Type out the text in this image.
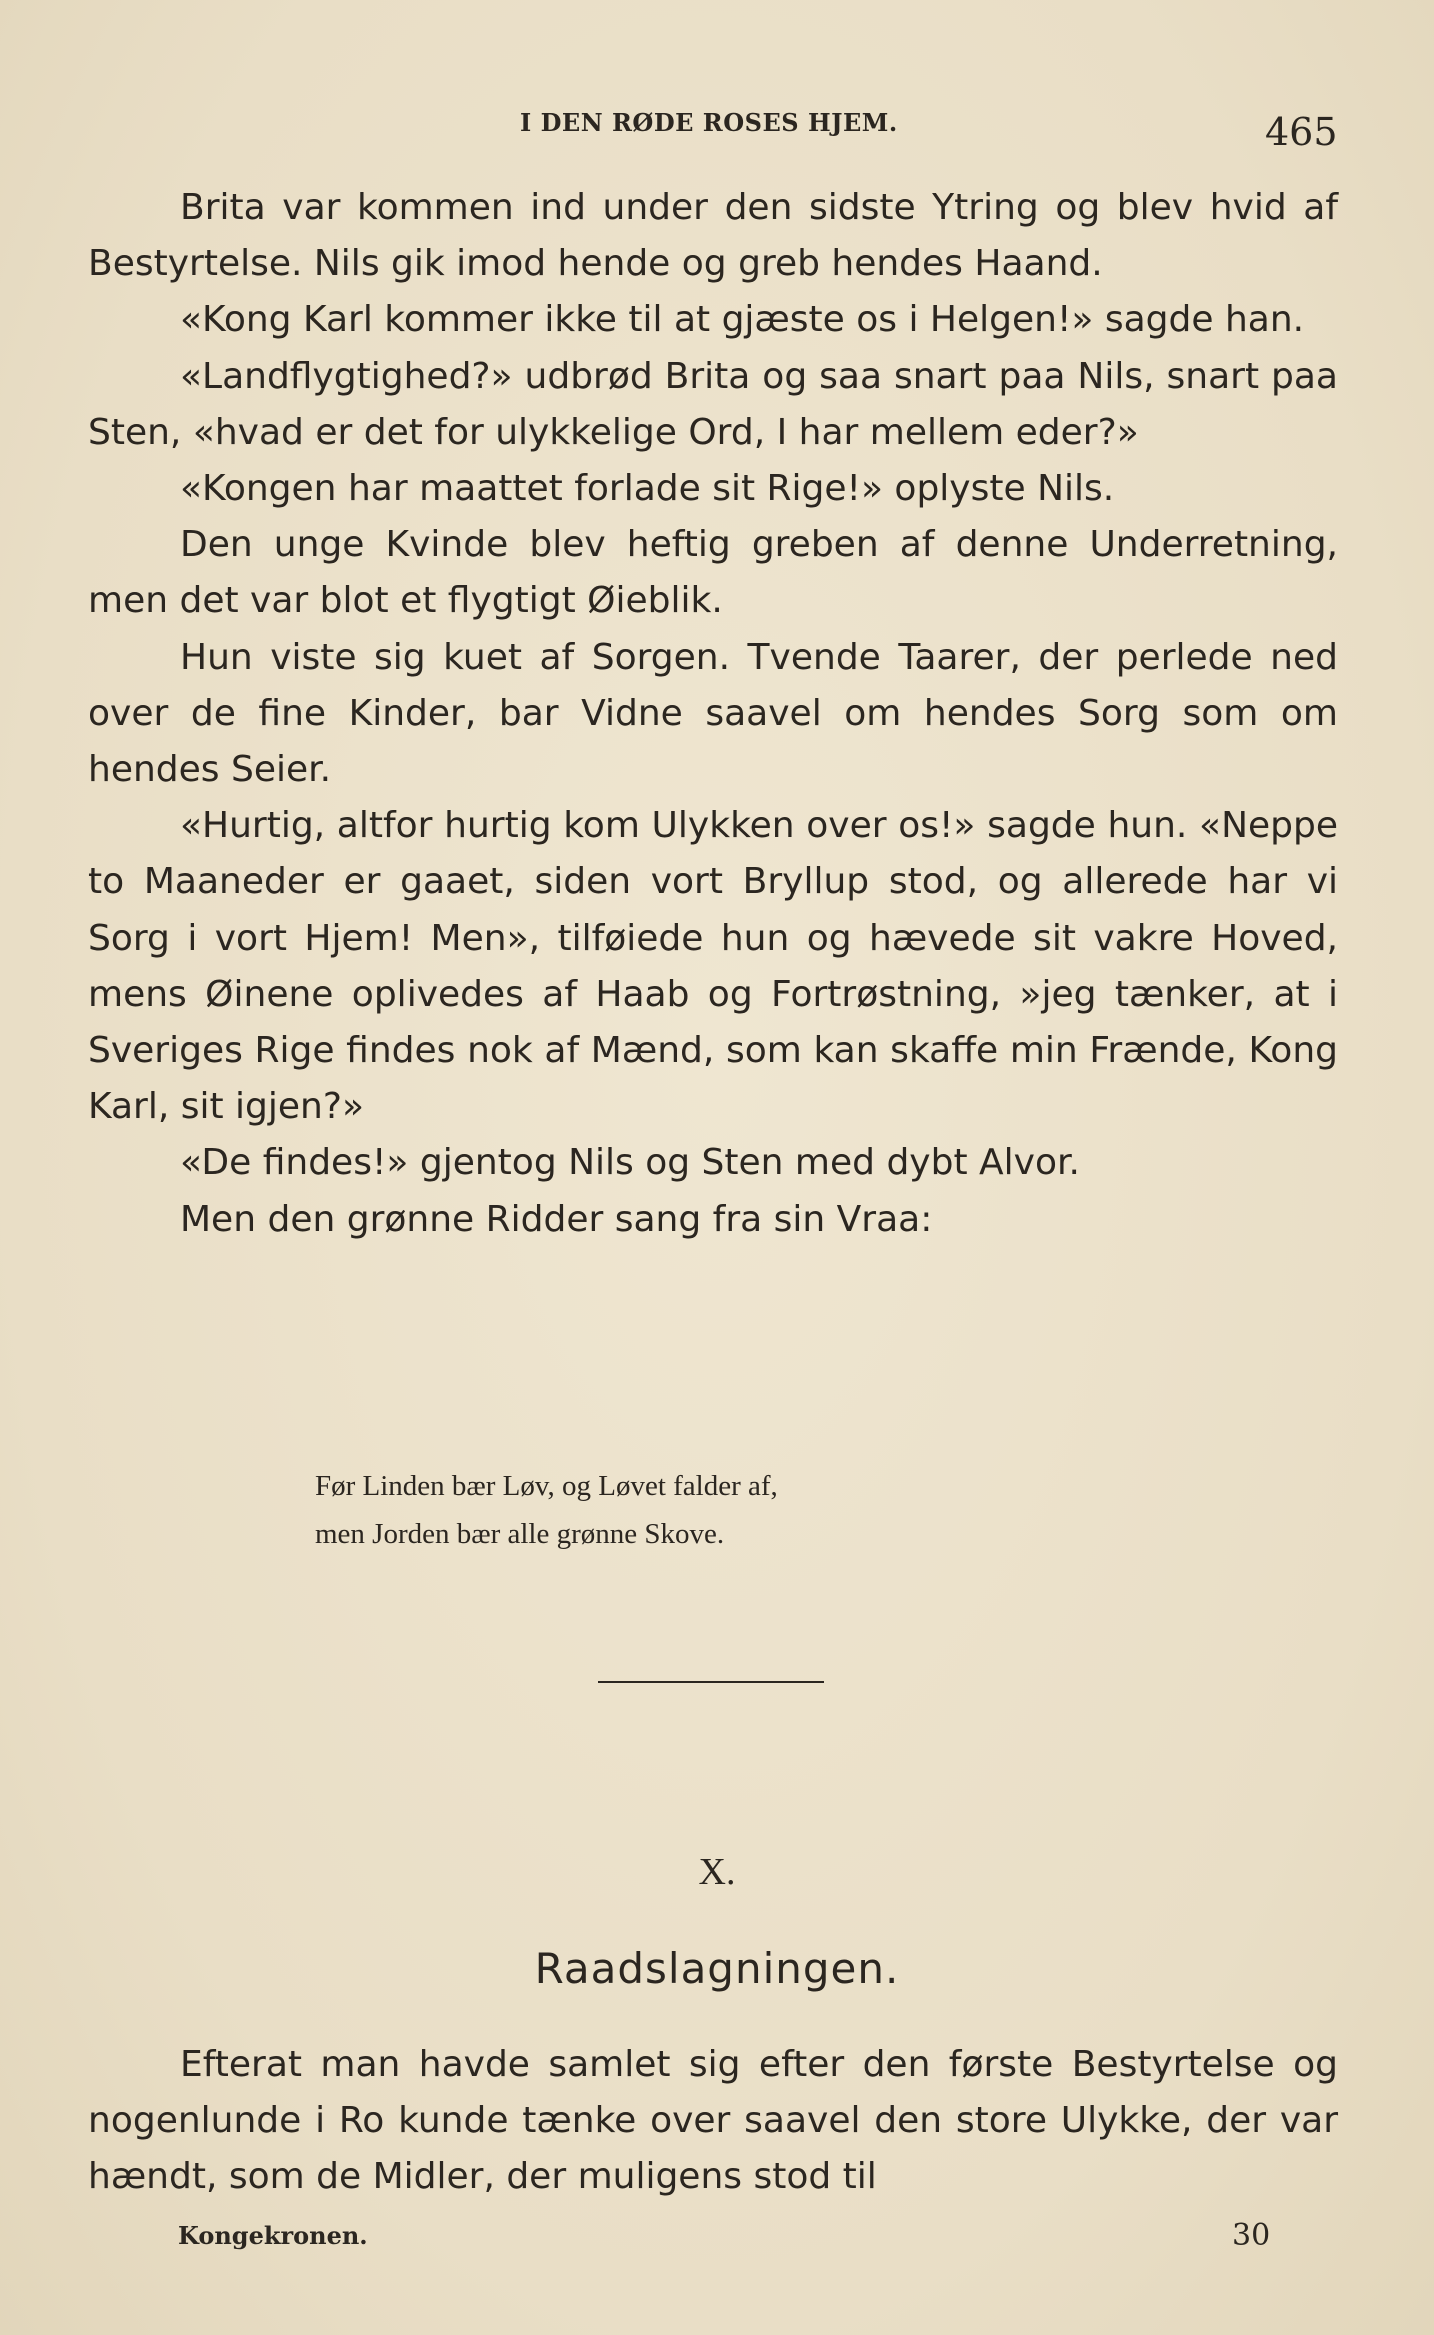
I DEN RØDE ROSES HJEM.	465

Brita var kommen ind under den sidste Ytring og blev hvid af Bestyrtelse. Nils gik imod hende og greb hendes Haand.

«Kong Karl kommer ikke til at gjæste os i Helgen!» sagde han.

«Landflygtighed?» udbrød Brita og saa snart paa Nils, snart paa Sten, «hvad er det for ulykkelige Ord, I har mellem eder?»

«Kongen har maattet forlade sit Rige!» oplyste Nils.

Den unge Kvinde blev heftig greben af denne Underretning, men det var blot et flygtigt Øieblik.

Hun viste sig kuet af Sorgen. Tvende Taarer, der perlede ned over de fine Kinder, bar Vidne saavel om hendes Sorg som om hendes Seier.

«Hurtig, altfor hurtig kom Ulykken over os!» sagde hun. «Neppe to Maaneder er gaaet, siden vort Bryllup stod, og allerede har vi Sorg i vort Hjem! Men», tilføiede hun og hævede sit vakre Hoved, mens Øinene oplivedes af Haab og Fortrøstning, »jeg tænker, at i Sveriges Rige findes nok af Mænd, som kan skaffe min Frænde, Kong Karl, sit igjen?»

«De findes!» gjentog Nils og Sten med dybt Alvor.

Men den grønne Ridder sang fra sin Vraa:

Før Linden bær Løv, og Løvet falder af,
men Jorden bær alle grønne Skove.
X.
Raadslagningen.

Efterat man havde samlet sig efter den første Bestyrtelse og nogenlunde i Ro kunde tænke over saavel den store Ulykke, der var hændt, som de Midler, der muligens stod til

Kongekronen.	30
